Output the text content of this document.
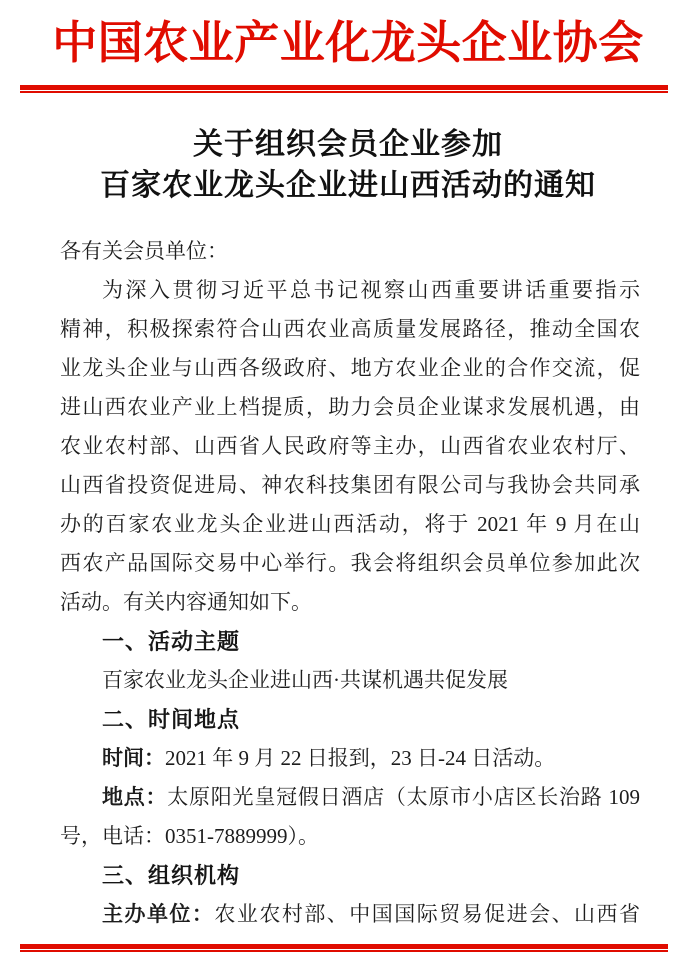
中国农业产业化龙头企业协会
关于组织会员企业参加
百家农业龙头企业进山西活动的通知
各有关会员单位：
为深入贯彻习近平总书记视察山西重要讲话重要指示
精神，积极探索符合山西农业高质量发展路径，推动全国农
业龙头企业与山西各级政府、地方农业企业的合作交流，促
进山西农业产业上档提质，助力会员企业谋求发展机遇，由
农业农村部、山西省人民政府等主办，山西省农业农村厅、
山西省投资促进局、神农科技集团有限公司与我协会共同承
办的百家农业龙头企业进山西活动，将于 2021 年 9 月在山
西农产品国际交易中心举行。我会将组织会员单位参加此次
活动。有关内容通知如下。
一、活动主题
百家农业龙头企业进山西·共谋机遇共促发展
二、时间地点
时间：2021 年 9 月 22 日报到，23 日-24 日活动。
地点：太原阳光皇冠假日酒店（太原市小店区长治路 109
号，电话：0351-7889999）。
三、组织机构
主办单位：农业农村部、中国国际贸易促进会、山西省
